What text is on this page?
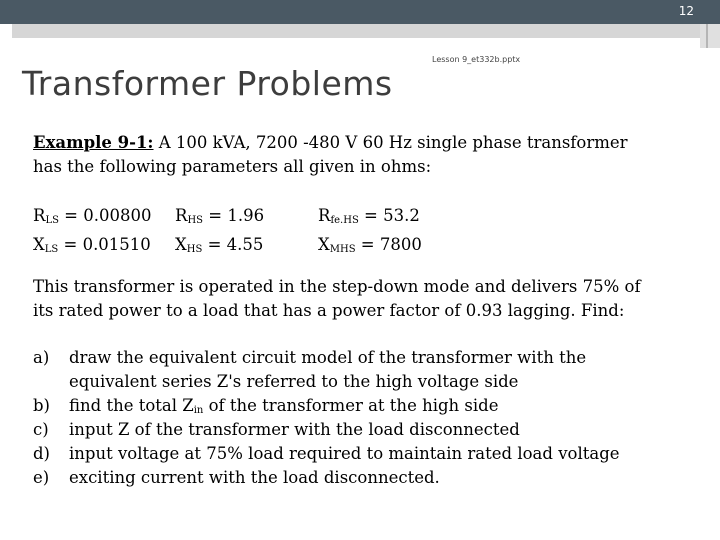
12
Lesson 9_et332b.pptx
Transformer Problems
Example 9-1: A 100 kVA, 7200 -480 V 60 Hz single phase transformer
has the following parameters all given in ohms:
$R_{LS} = 0.00800$
$X_{LS} = 0.01510$
$R_{HS} = 1.96$
$X_{HS} = 4.55$
$R_{fe.HS} = 53.2$
$X_{MHS} = 7800$
This transformer is operated in the step-down mode and delivers 75% of
its rated power to a load that has a power factor of 0.93 lagging. Find:
a) draw the equivalent circuit model of the transformer with the
equivalent series Z's referred to the high voltage side
b) find the total $Z_{in}$ of the transformer at the high side
c) input Z of the transformer with the load disconnected
d) input voltage at 75% load required to maintain rated load voltage
e) exciting current with the load disconnected.
